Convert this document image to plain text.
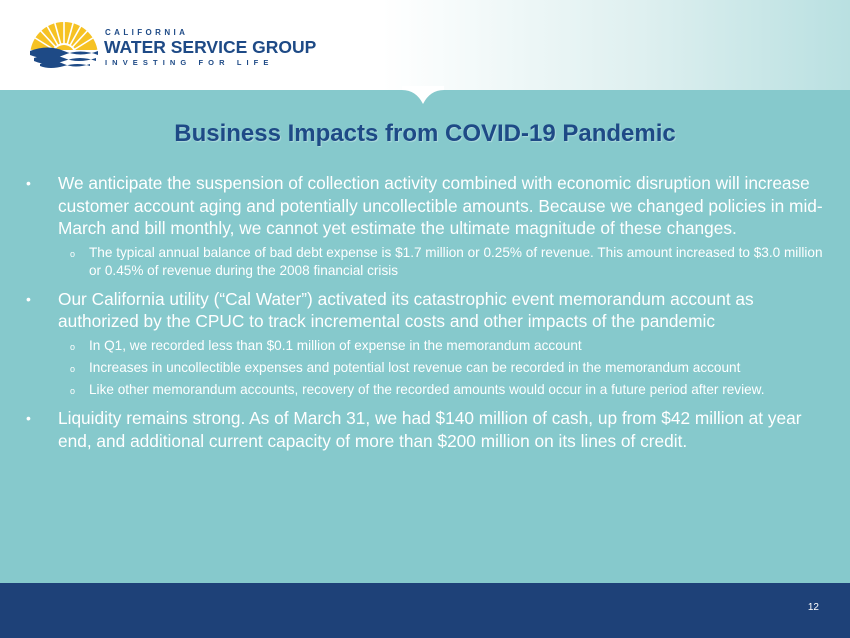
CALIFORNIA
WATER SERVICE GROUP
INVESTING FOR LIFE
Business Impacts from COVID-19 Pandemic
•	We anticipate the suspension of collection activity combined with economic disruption will increase customer account aging and potentially uncollectible amounts. Because we changed policies in mid-March and bill monthly, we cannot yet estimate the ultimate magnitude of these changes.
o The typical annual balance of bad debt expense is $1.7 million or 0.25% of revenue. This amount increased to $3.0 million or 0.45% of revenue during the 2008 financial crisis
•	Our California utility (“Cal Water”) activated its catastrophic event memorandum account as authorized by the CPUC to track incremental costs and other impacts of the pandemic
o In Q1, we recorded less than $0.1 million of expense in the memorandum account
o Increases in uncollectible expenses and potential lost revenue can be recorded in the memorandum account
o Like other memorandum accounts, recovery of the recorded amounts would occur in a future period after review.
•	Liquidity remains strong. As of March 31, we had $140 million of cash, up from $42 million at year end, and additional current capacity of more than $200 million on its lines of credit.
12
